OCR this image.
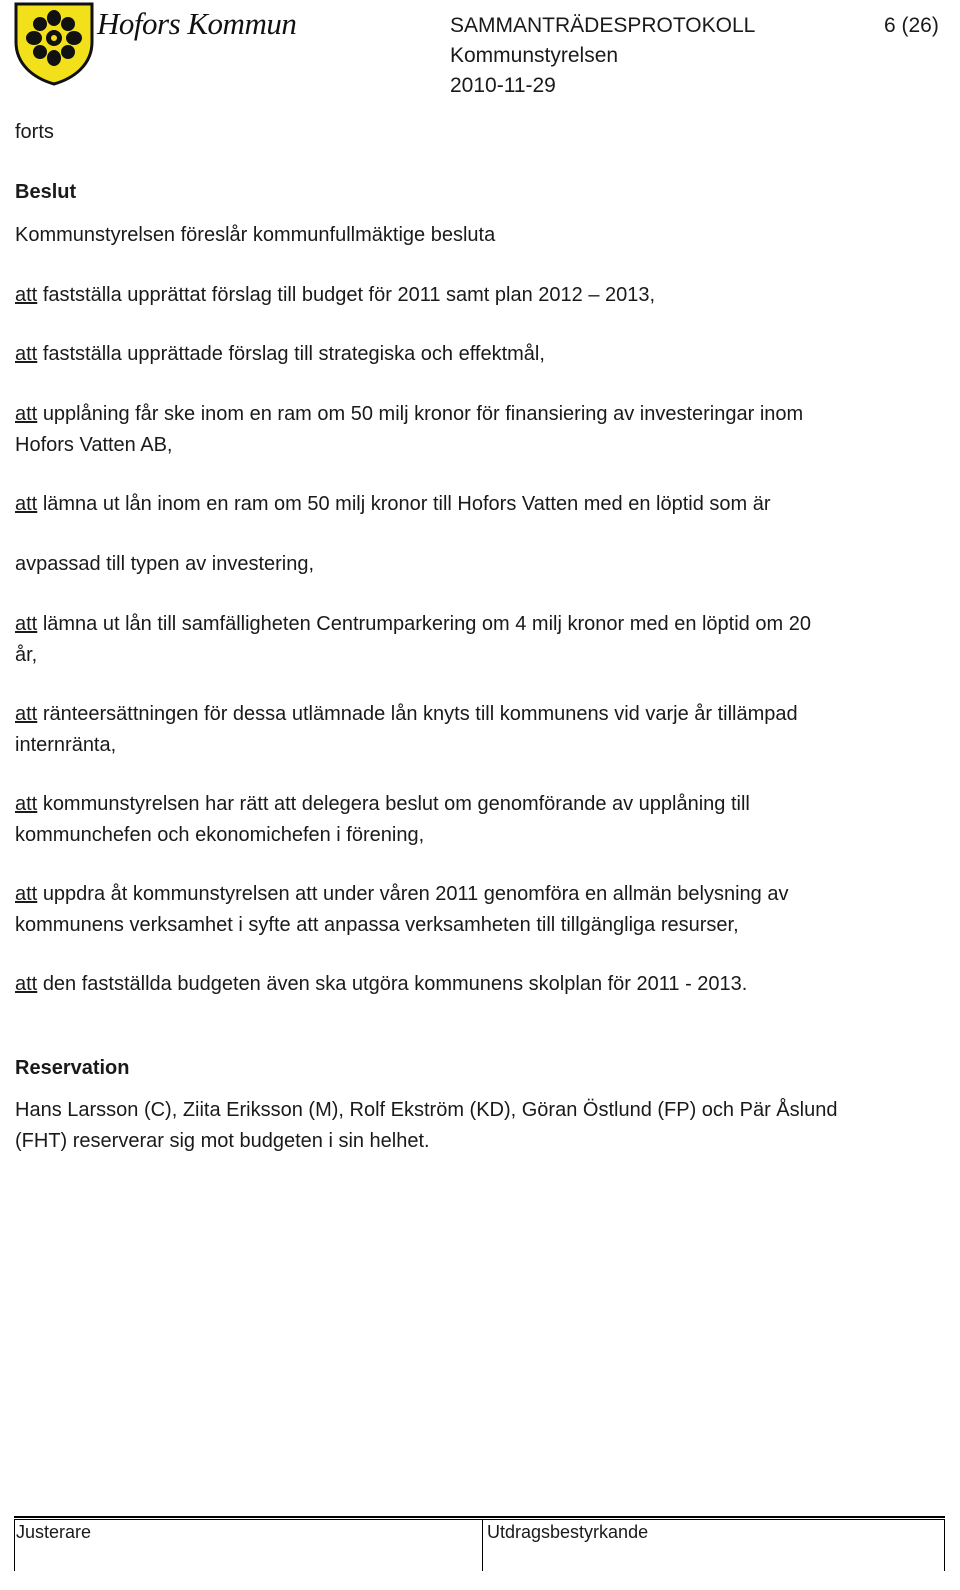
Hofors Kommun	SAMMANTRÄDESPROTOKOLL	6 (26)
Kommunstyrelsen
2010-11-29
forts
Beslut
Kommunstyrelsen föreslår kommunfullmäktige besluta
att fastställa upprättat förslag till budget för 2011 samt plan 2012 – 2013,
att fastställa upprättade förslag till strategiska och effektmål,
att upplåning får ske inom en ram om 50 milj kronor för finansiering av investeringar inom
Hofors Vatten AB,
att lämna ut lån inom en ram om 50 milj kronor till Hofors Vatten med en löptid som är
avpassad till typen av investering,
att lämna ut lån till samfälligheten Centrumparkering om 4 milj kronor med en löptid om 20
år,
att ränteersättningen för dessa utlämnade lån knyts till kommunens vid varje år tillämpad
internränta,
att kommunstyrelsen har rätt att delegera beslut om genomförande av upplåning till
kommunchefen och ekonomichefen i förening,
att uppdra åt kommunstyrelsen att under våren 2011 genomföra en allmän belysning av
kommunens verksamhet i syfte att anpassa verksamheten till tillgängliga resurser,
att den fastställda budgeten även ska utgöra kommunens skolplan för 2011 - 2013.
Reservation
Hans Larsson (C), Ziita Eriksson (M), Rolf Ekström (KD), Göran Östlund (FP) och Pär Åslund
(FHT) reserverar sig mot budgeten i sin helhet.
Justerare	Utdragsbestyrkande
